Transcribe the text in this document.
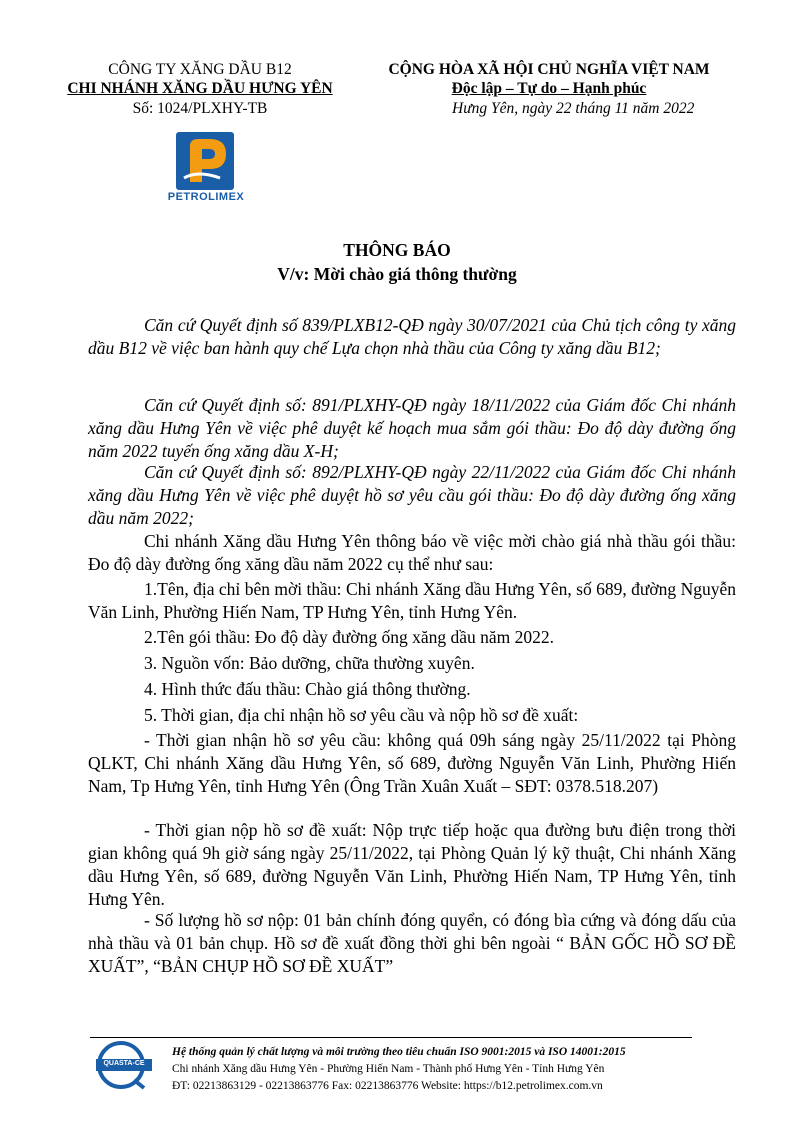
CÔNG TY XĂNG DẦU B12
CHI NHÁNH XĂNG DẦU HƯNG YÊN
Số: 1024/PLXHY-TB
CỘNG HÒA XÃ HỘI CHỦ NGHĨA VIỆT NAM
Độc lập – Tự do – Hạnh phúc
Hưng Yên, ngày 22 tháng 11 năm 2022
PETROLIMEX
THÔNG BÁO
V/v: Mời chào giá thông thường
Căn cứ Quyết định số 839/PLXB12-QĐ ngày 30/07/2021 của Chủ tịch công ty xăng dầu B12 về việc ban hành quy chế Lựa chọn nhà thầu của Công ty xăng dầu B12;
Căn cứ Quyết định số: 891/PLXHY-QĐ ngày 18/11/2022 của Giám đốc Chi nhánh xăng dầu Hưng Yên về việc phê duyệt kế hoạch mua sắm gói thầu: Đo độ dày đường ống năm 2022 tuyến ống xăng dầu X-H;
Căn cứ Quyết định số: 892/PLXHY-QĐ ngày 22/11/2022 của Giám đốc Chi nhánh xăng dầu Hưng Yên về việc phê duyệt hồ sơ yêu cầu gói thầu: Đo độ dày đường ống xăng dầu năm 2022;
Chi nhánh Xăng dầu Hưng Yên thông báo về việc mời chào giá nhà thầu gói thầu: Đo độ dày đường ống xăng dầu năm 2022 cụ thể như sau:
1.Tên, địa chỉ bên mời thầu: Chi nhánh Xăng dầu Hưng Yên, số 689, đường Nguyễn Văn Linh, Phường Hiến Nam, TP Hưng Yên, tỉnh Hưng Yên.
2.Tên gói thầu: Đo độ dày đường ống xăng dầu năm 2022.
3. Nguồn vốn: Bảo dưỡng, chữa thường xuyên.
4. Hình thức đấu thầu: Chào giá thông thường.
5. Thời gian, địa chỉ nhận hồ sơ yêu cầu và nộp hồ sơ đề xuất:
- Thời gian nhận hồ sơ yêu cầu: không quá 09h sáng ngày 25/11/2022 tại Phòng QLKT, Chi nhánh Xăng dầu Hưng Yên, số 689, đường Nguyễn Văn Linh, Phường Hiến Nam, Tp Hưng Yên, tỉnh Hưng Yên (Ông Trần Xuân Xuất – SĐT: 0378.518.207)
- Thời gian nộp hồ sơ đề xuất: Nộp trực tiếp hoặc qua đường bưu điện trong thời gian không quá 9h giờ sáng ngày 25/11/2022, tại Phòng Quản lý kỹ thuật, Chi nhánh Xăng dầu Hưng Yên, số 689, đường Nguyễn Văn Linh, Phường Hiến Nam, TP Hưng Yên, tỉnh Hưng Yên.
- Số lượng hồ sơ nộp: 01 bản chính đóng quyển, có đóng bìa cứng và đóng dấu của nhà thầu và 01 bản chụp. Hồ sơ đề xuất đồng thời ghi bên ngoài “ BẢN GỐC HỒ SƠ ĐỀ XUẤT”, “BẢN CHỤP HỒ SƠ ĐỀ XUẤT”
QUASTA-CE
Hệ thống quản lý chất lượng và môi trường theo tiêu chuẩn ISO 9001:2015 và ISO 14001:2015
Chi nhánh Xăng dầu Hưng Yên - Phường Hiến Nam - Thành phố Hưng Yên - Tỉnh Hưng Yên
ĐT: 02213863129 - 02213863776 Fax: 02213863776 Website: https://b12.petrolimex.com.vn
